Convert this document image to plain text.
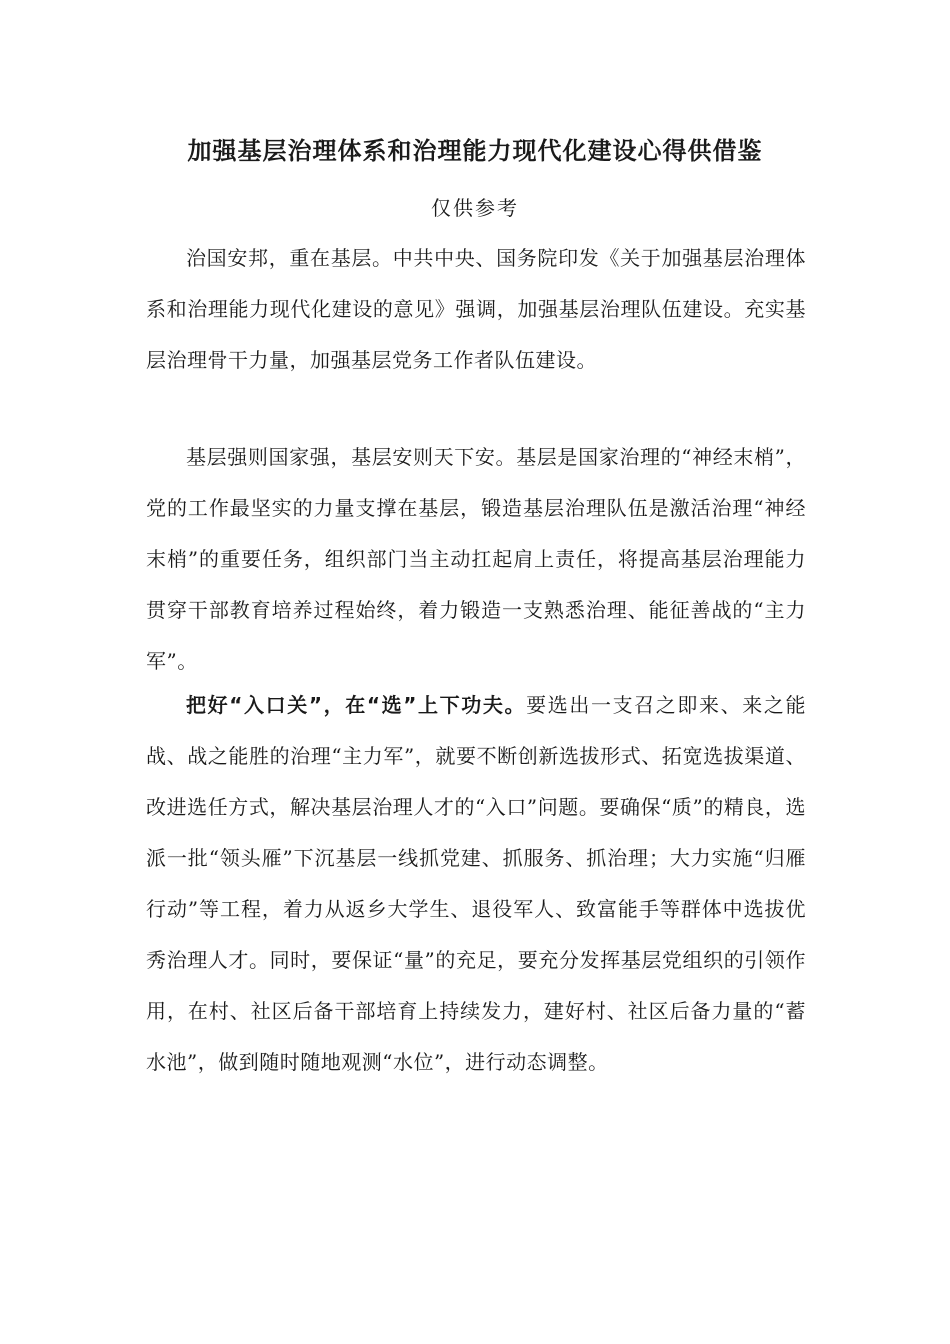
加强基层治理体系和治理能力现代化建设心得供借鉴

仅供参考

治国安邦，重在基层。中共中央、国务院印发《关于加强基层治理体系和治理能力现代化建设的意见》强调，加强基层治理队伍建设。充实基层治理骨干力量，加强基层党务工作者队伍建设。

基层强则国家强，基层安则天下安。基层是国家治理的“神经末梢”，党的工作最坚实的力量支撑在基层，锻造基层治理队伍是激活治理“神经末梢”的重要任务，组织部门当主动扛起肩上责任，将提高基层治理能力贯穿干部教育培养过程始终，着力锻造一支熟悉治理、能征善战的“主力军”。

把好“入口关”，在“选”上下功夫。要选出一支召之即来、来之能战、战之能胜的治理“主力军”，就要不断创新选拔形式、拓宽选拔渠道、改进选任方式，解决基层治理人才的“入口”问题。要确保“质”的精良，选派一批“领头雁”下沉基层一线抓党建、抓服务、抓治理；大力实施“归雁行动”等工程，着力从返乡大学生、退役军人、致富能手等群体中选拔优秀治理人才。同时，要保证“量”的充足，要充分发挥基层党组织的引领作用，在村、社区后备干部培育上持续发力，建好村、社区后备力量的“蓄水池”，做到随时随地观测“水位”，进行动态调整。
